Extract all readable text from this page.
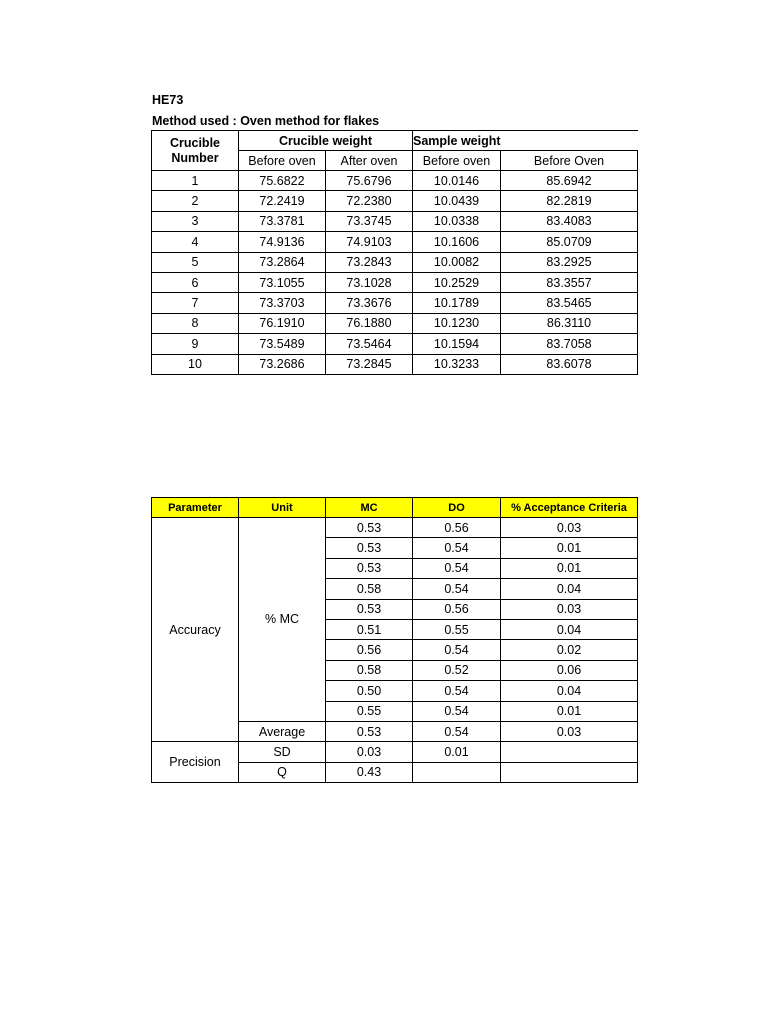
HE73
Method used : Oven method for flakes
Crucible Number	Crucible weight		Sample weight	
	Before oven	After oven	Before oven	Before Oven
1	75.6822	75.6796	10.0146	85.6942
2	72.2419	72.2380	10.0439	82.2819
3	73.3781	73.3745	10.0338	83.4083
4	74.9136	74.9103	10.1606	85.0709
5	73.2864	73.2843	10.0082	83.2925
6	73.1055	73.1028	10.2529	83.3557
7	73.3703	73.3676	10.1789	83.5465
8	76.1910	76.1880	10.1230	86.3110
9	73.5489	73.5464	10.1594	83.7058
10	73.2686	73.2845	10.3233	83.6078
Parameter	Unit	MC	DO	% Acceptance Criteria
Accuracy	% MC	0.53	0.56	0.03
		0.53	0.54	0.01
		0.53	0.54	0.01
		0.58	0.54	0.04
		0.53	0.56	0.03
		0.51	0.55	0.04
		0.56	0.54	0.02
		0.58	0.52	0.06
		0.50	0.54	0.04
		0.55	0.54	0.01
	Average	0.53	0.54	0.03
Precision	SD	0.03	0.01	
	Q	0.43		
